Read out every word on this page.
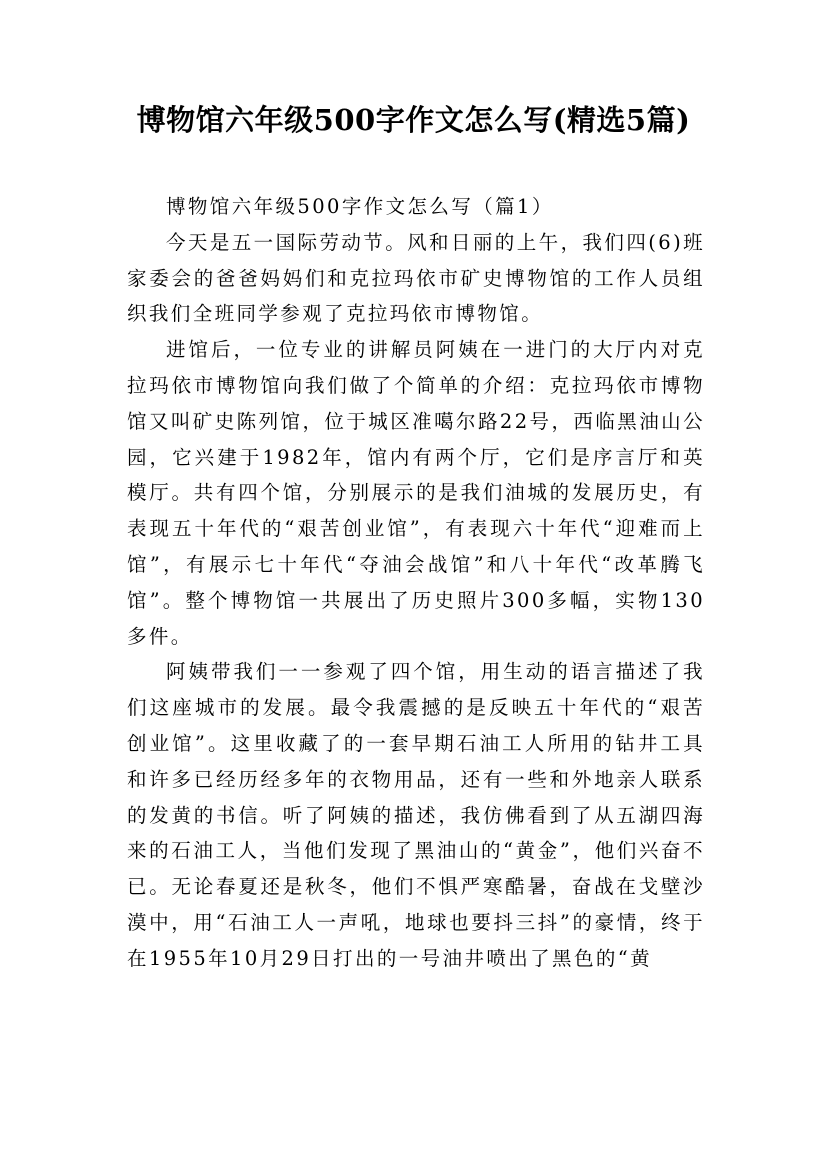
博物馆六年级500字作文怎么写(精选5篇)

博物馆六年级500字作文怎么写（篇1）

今天是五一国际劳动节。风和日丽的上午，我们四(6)班家委会的爸爸妈妈们和克拉玛依市矿史博物馆的工作人员组织我们全班同学参观了克拉玛依市博物馆。

进馆后，一位专业的讲解员阿姨在一进门的大厅内对克拉玛依市博物馆向我们做了个简单的介绍：克拉玛依市博物馆又叫矿史陈列馆，位于城区准噶尔路22号，西临黑油山公园，它兴建于1982年，馆内有两个厅，它们是序言厅和英模厅。共有四个馆，分别展示的是我们油城的发展历史，有表现五十年代的“艰苦创业馆”，有表现六十年代“迎难而上馆”，有展示七十年代“夺油会战馆”和八十年代“改革腾飞馆”。整个博物馆一共展出了历史照片300多幅，实物130多件。

阿姨带我们一一参观了四个馆，用生动的语言描述了我们这座城市的发展。最令我震撼的是反映五十年代的“艰苦创业馆”。这里收藏了的一套早期石油工人所用的钻井工具和许多已经历经多年的衣物用品，还有一些和外地亲人联系的发黄的书信。听了阿姨的描述，我仿佛看到了从五湖四海来的石油工人，当他们发现了黑油山的“黄金”，他们兴奋不已。无论春夏还是秋冬，他们不惧严寒酷暑，奋战在戈壁沙漠中，用“石油工人一声吼，地球也要抖三抖”的豪情，终于在1955年10月29日打出的一号油井喷出了黑色的“黄
